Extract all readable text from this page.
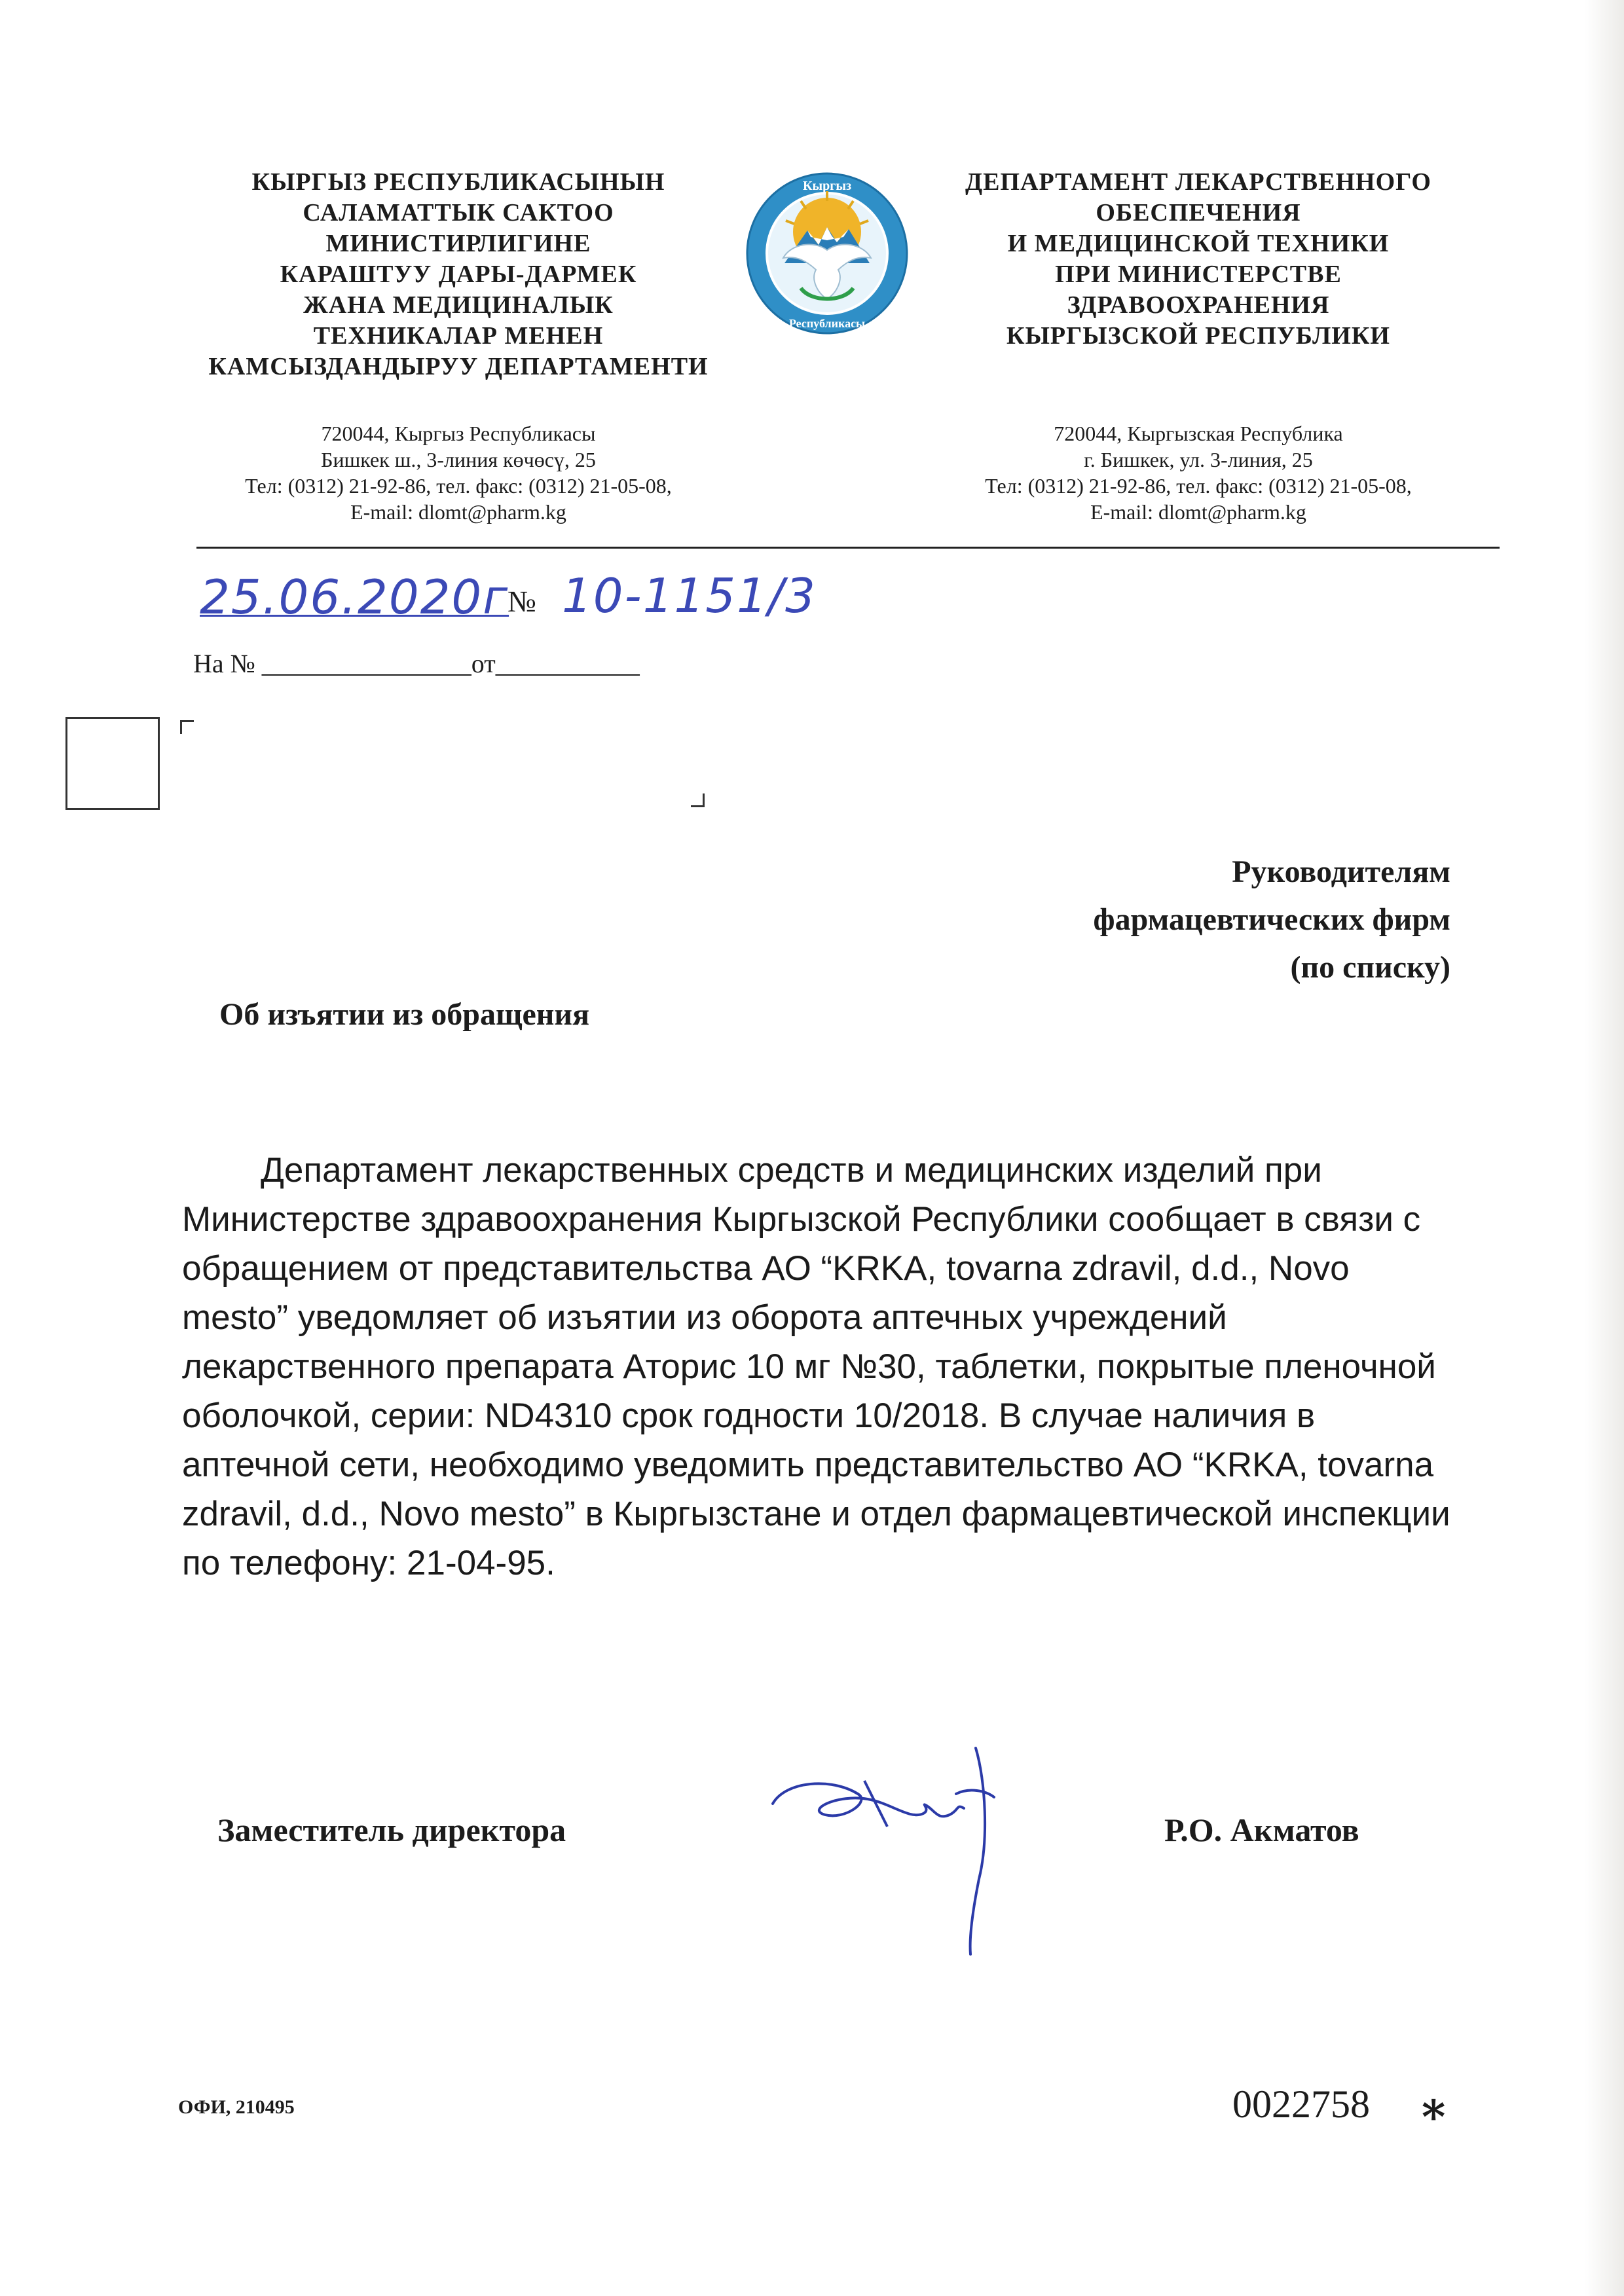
КЫРГЫЗ РЕСПУБЛИКАСЫНЫН
САЛАМАТТЫК САКТОО
МИНИСТИРЛИГИНЕ
КАРАШТУУ ДАРЫ-ДАРМЕК
ЖАНА МЕДИЦИНАЛЫК
ТЕХНИКАЛАР МЕНЕН
КАМСЫЗДАНДЫРУУ ДЕПАРТАМЕНТИ
Кыргыз
Республикасы
ДЕПАРТАМЕНТ ЛЕКАРСТВЕННОГО
ОБЕСПЕЧЕНИЯ
И МЕДИЦИНСКОЙ ТЕХНИКИ
ПРИ МИНИСТЕРСТВЕ
ЗДРАВООХРАНЕНИЯ
КЫРГЫЗСКОЙ РЕСПУБЛИКИ
720044, Кыргыз Республикасы
Бишкек ш., 3-линия көчөсү, 25
Тел: (0312) 21-92-86, тел. факс: (0312) 21-05-08,
E-mail: dlomt@pharm.kg
720044, Кыргызская Республика
г. Бишкек, ул. 3-линия, 25
Тел: (0312) 21-92-86, тел. факс: (0312) 21-05-08,
E-mail: dlomt@pharm.kg
25.06.2020г
№ 10-1151/3
На № ________________от___________
Руководителям
фармацевтических фирм
(по списку)
Об изъятии из обращения
Департамент лекарственных средств и медицинских изделий при Министерстве здравоохранения Кыргызской Республики сообщает в связи с обращением от представительства АО “KRKA, tovarna zdravil, d.d., Novo mesto” уведомляет об изъятии из оборота аптечных учреждений лекарственного препарата Аторис 10 мг №30, таблетки, покрытые пленочной оболочкой, серии: ND4310 срок годности 10/2018. В случае наличия в аптечной сети, необходимо уведомить представительство АО “KRKA, tovarna zdravil, d.d., Novo mesto” в Кыргызстане и отдел фармацевтической инспекции по телефону: 21-04-95.
Заместитель директора	Р.О. Акматов
ОФИ, 210495	0022758 ∗
